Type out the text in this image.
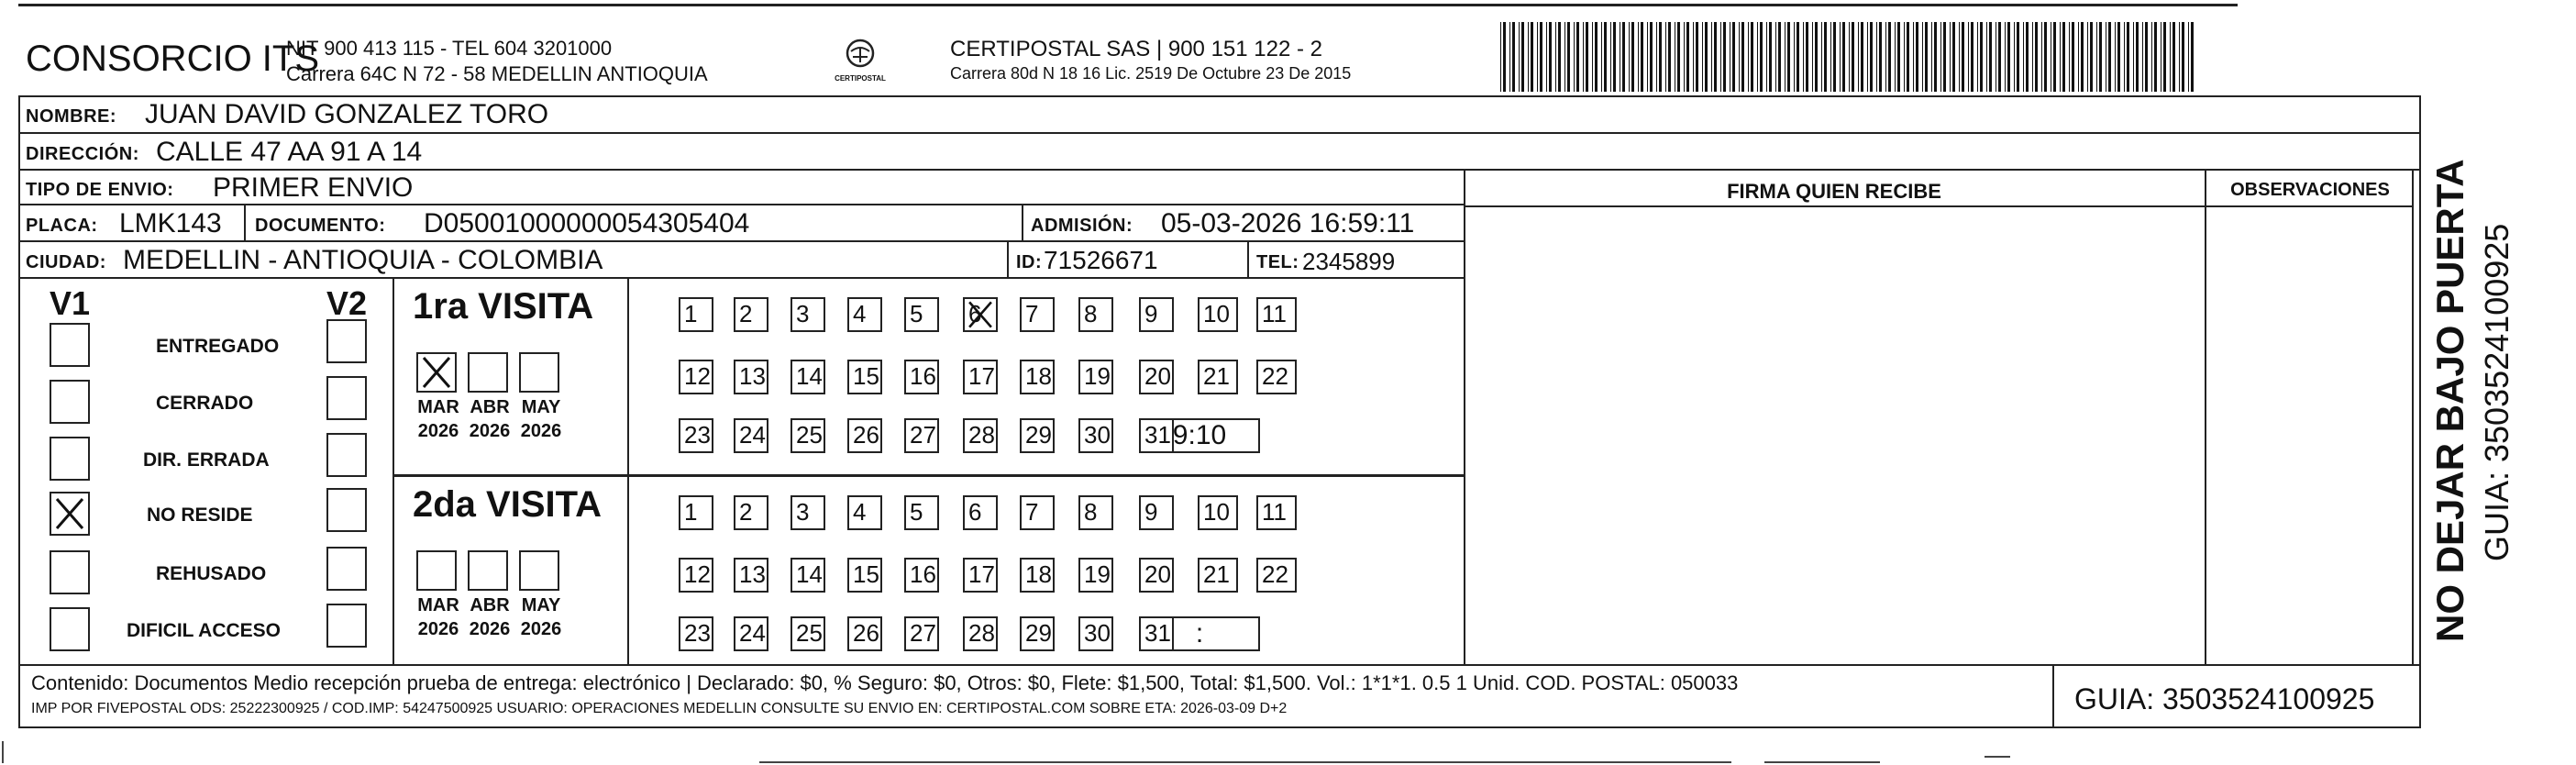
CONSORCIO ITS
NIT 900 413 115 - TEL 604 3201000
Carrera 64C N 72 - 58 MEDELLIN ANTIOQUIA	CERTIPOSTAL
CERTIPOSTAL SAS | 900 151 122 - 2
Carrera 80d N 18 16 Lic. 2519 De Octubre 23 De 2015
NOMBRE: JUAN DAVID GONZALEZ TORO
DIRECCIÓN: CALLE 47 AA 91 A 14
TIPO DE ENVIO: PRIMER ENVIO
PLACA: LMK143 DOCUMENTO: D05001000000054305404	ADMISIÓN: 05-03-2026 16:59:11
CIUDAD: MEDELLIN - ANTIOQUIA - COLOMBIA	ID: 71526671	TEL: 2345899
FIRMA QUIEN RECIBE	OBSERVACIONES
V1	V2
ENTREGADO
CERRADO
DIR. ERRADA
NO RESIDE
REHUSADO
DIFICIL ACCESO
1ra VISITA
MAR
2026
ABR
2026
MAY
2026
1	2	3	4	5	6	7	8	9	10	11
12 13 14 15 16 17 18 19 20 21	22
23 24 25 26 27 28 29 30 31 9:10
2da VISITA
MAR
2026
ABR
2026
MAY
2026
1	2	3	4	5	6	7	8	9	10	11
12 13 14 15 16 17 18 19 20 21	22
23 24 25 26 27 28 29 30 31 :
Contenido: Documentos Medio recepción prueba de entrega: electrónico | Declarado: $0, % Seguro: $0, Otros: $0, Flete: $1,500, Total: $1,500. Vol.: 1*1*1. 0.5 1 Unid. COD. POSTAL: 050033
IMP POR FIVEPOSTAL ODS: 25222300925 / COD.IMP: 54247500925 USUARIO: OPERACIONES MEDELLIN CONSULTE SU ENVIO EN: CERTIPOSTAL.COM SOBRE ETA: 2026-03-09 D+2	GUIA: 3503524100925
NO DEJAR BAJO PUERTA GUIA: 3503524100925
